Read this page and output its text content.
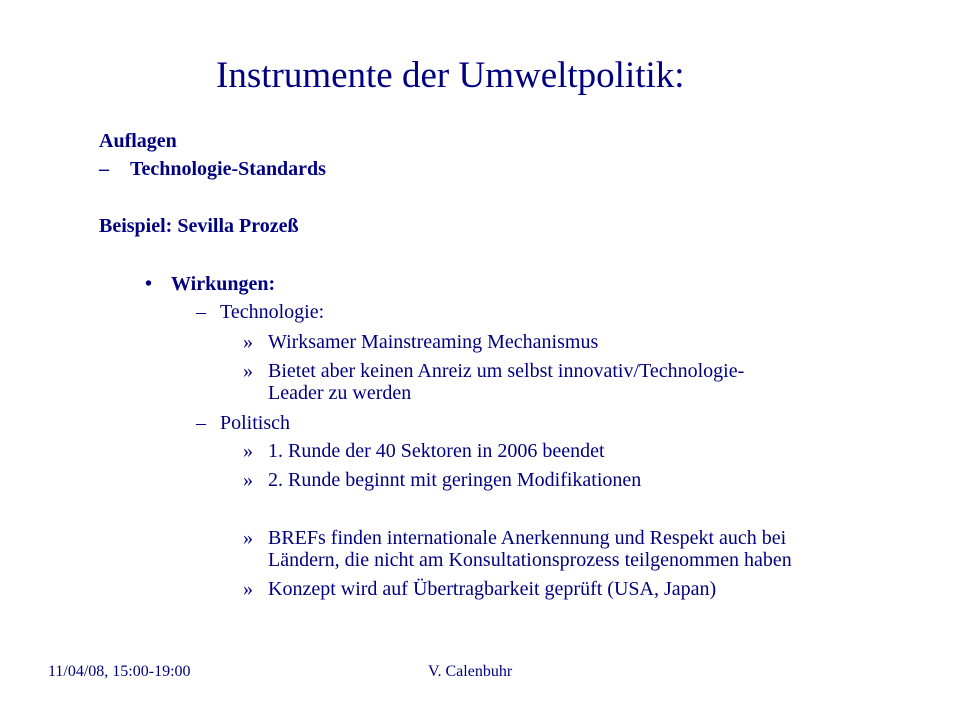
Instrumente der Umweltpolitik:
Auflagen
– Technologie-Standards
Beispiel: Sevilla Prozeß
• Wirkungen:
– Technologie:
» Wirksamer Mainstreaming Mechanismus
» Bietet aber keinen Anreiz um selbst innovativ/Technologie-
Leader zu werden
– Politisch
» 1. Runde der 40 Sektoren in 2006 beendet
» 2. Runde beginnt mit geringen Modifikationen
» BREFs finden internationale Anerkennung und Respekt auch bei
Ländern, die nicht am Konsultationsprozess teilgenommen haben
» Konzept wird auf Übertragbarkeit geprüft (USA, Japan)
11/04/08, 15:00-19:00	V. Calenbuhr
